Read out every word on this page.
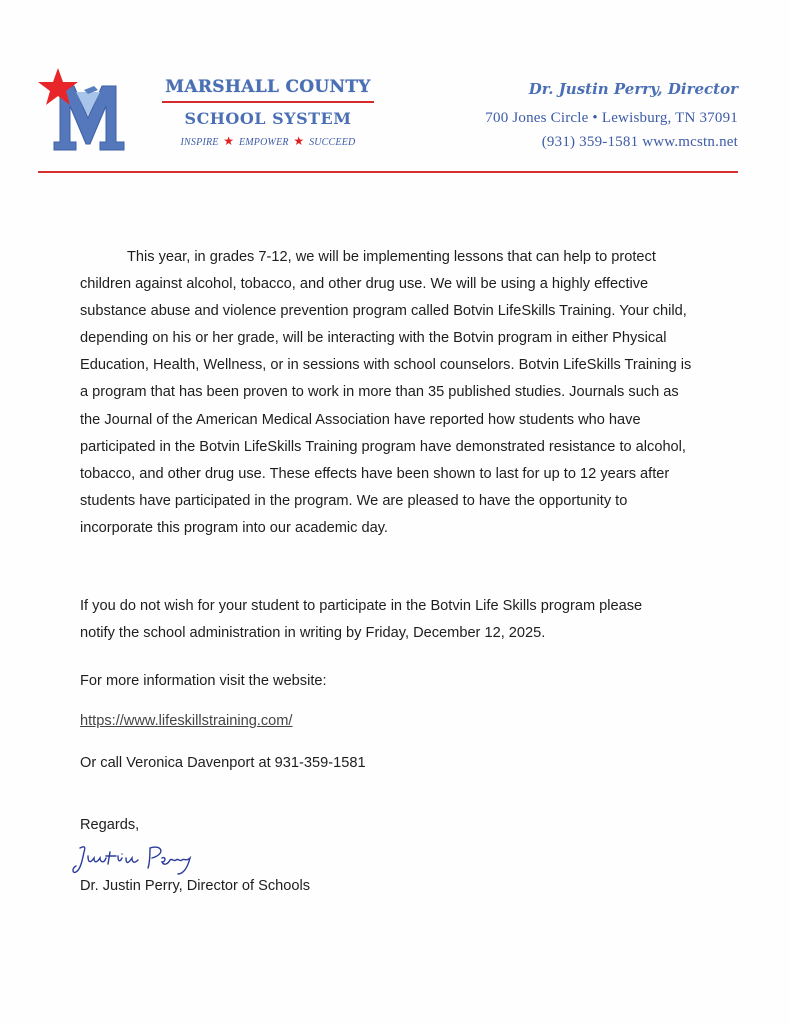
MARSHALL COUNTY
SCHOOL SYSTEM
INSPIRE ★ EMPOWER ★ SUCCEED
Dr. Justin Perry, Director
700 Jones Circle • Lewisburg, TN 37091
(931) 359-1581 www.mcstn.net

This year, in grades 7-12, we will be implementing lessons that can help to protect children against alcohol, tobacco, and other drug use. We will be using a highly effective substance abuse and violence prevention program called Botvin LifeSkills Training. Your child, depending on his or her grade, will be interacting with the Botvin program in either Physical Education, Health, Wellness, or in sessions with school counselors. Botvin LifeSkills Training is a program that has been proven to work in more than 35 published studies. Journals such as the Journal of the American Medical Association have reported how students who have participated in the Botvin LifeSkills Training program have demonstrated resistance to alcohol, tobacco, and other drug use. These effects have been shown to last for up to 12 years after students have participated in the program. We are pleased to have the opportunity to incorporate this program into our academic day.

If you do not wish for your student to participate in the Botvin Life Skills program please

notify the school administration in writing by Friday, December 12, 2025.

For more information visit the website:

https://www.lifeskillstraining.com/

Or call Veronica Davenport at 931-359-1581

Regards,

Dr. Justin Perry, Director of Schools
